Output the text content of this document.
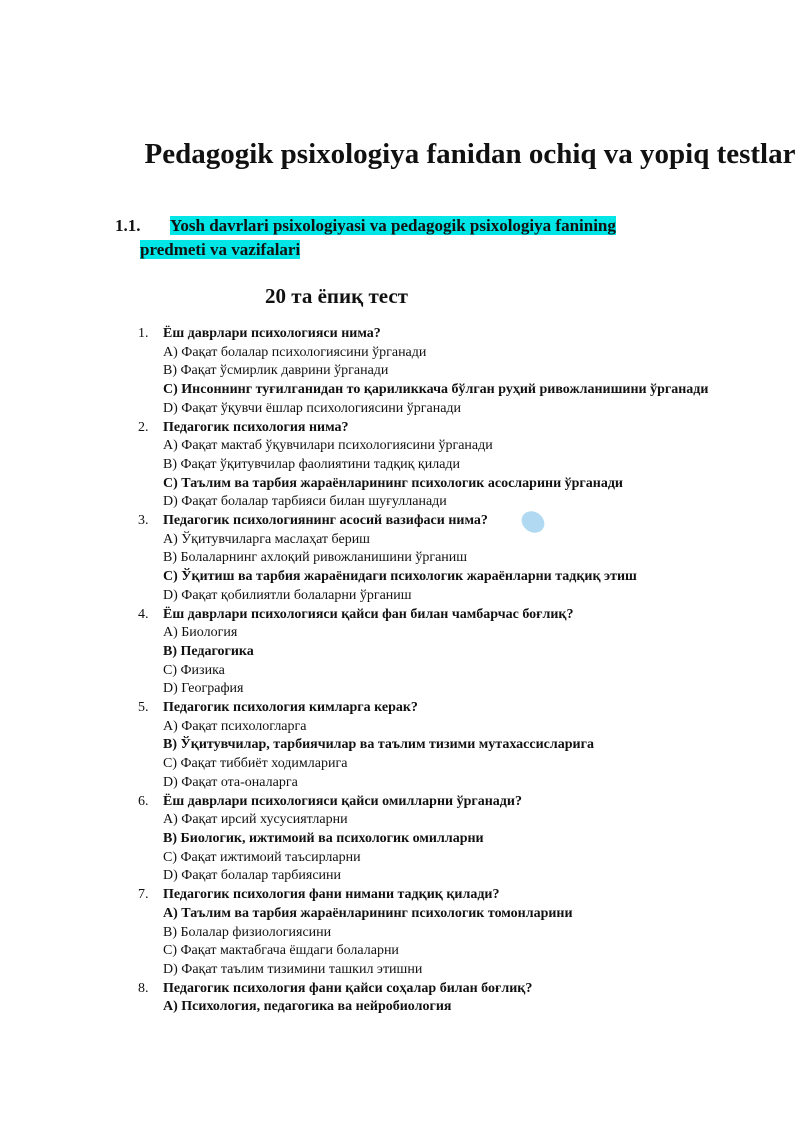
Pedagogik psixologiya fanidan ochiq va yopiq testlar
1.1.	Yosh davrlari psixologiyasi va pedagogik psixologiya fanining
predmeti va vazifalari
20 та ёпиқ тест
1.	Ёш даврлари психологияси нима?
A) Фақат болалар психологиясини ўрганади
B) Фақат ўсмирлик даврини ўрганади
C) Инсоннинг туғилганидан то қариликкача бўлган руҳий ривожланишини ўрганади
D) Фақат ўқувчи ёшлар психологиясини ўрганади
2.	Педагогик психология нима?
A) Фақат мактаб ўқувчилари психологиясини ўрганади
B) Фақат ўқитувчилар фаолиятини тадқиқ қилади
C) Таълим ва тарбия жараёнларининг психологик асосларини ўрганади
D) Фақат болалар тарбияси билан шуғулланади
3.	Педагогик психологиянинг асосий вазифаси нима?
A) Ўқитувчиларга маслаҳат бериш
B) Болаларнинг ахлоқий ривожланишини ўрганиш
C) Ўқитиш ва тарбия жараёнидаги психологик жараёнларни тадқиқ этиш
D) Фақат қобилиятли болаларни ўрганиш
4.	Ёш даврлари психологияси қайси фан билан чамбарчас боғлиқ?
A) Биология
B) Педагогика
C) Физика
D) География
5.	Педагогик психология кимларга керак?
A) Фақат психологларга
B) Ўқитувчилар, тарбиячилар ва таълим тизими мутахассисларига
C) Фақат тиббиёт ходимларига
D) Фақат ота-оналарга
6.	Ёш даврлари психологияси қайси омилларни ўрганади?
A) Фақат ирсий хусусиятларни
B) Биологик, ижтимоий ва психологик омилларни
C) Фақат ижтимоий таъсирларни
D) Фақат болалар тарбиясини
7.	Педагогик психология фани нимани тадқиқ қилади?
A) Таълим ва тарбия жараёнларининг психологик томонларини
B) Болалар физиологиясини
C) Фақат мактабгача ёшдаги болаларни
D) Фақат таълим тизимини ташкил этишни
8.	Педагогик психология фани қайси соҳалар билан боғлиқ?
A) Психология, педагогика ва нейробиология
